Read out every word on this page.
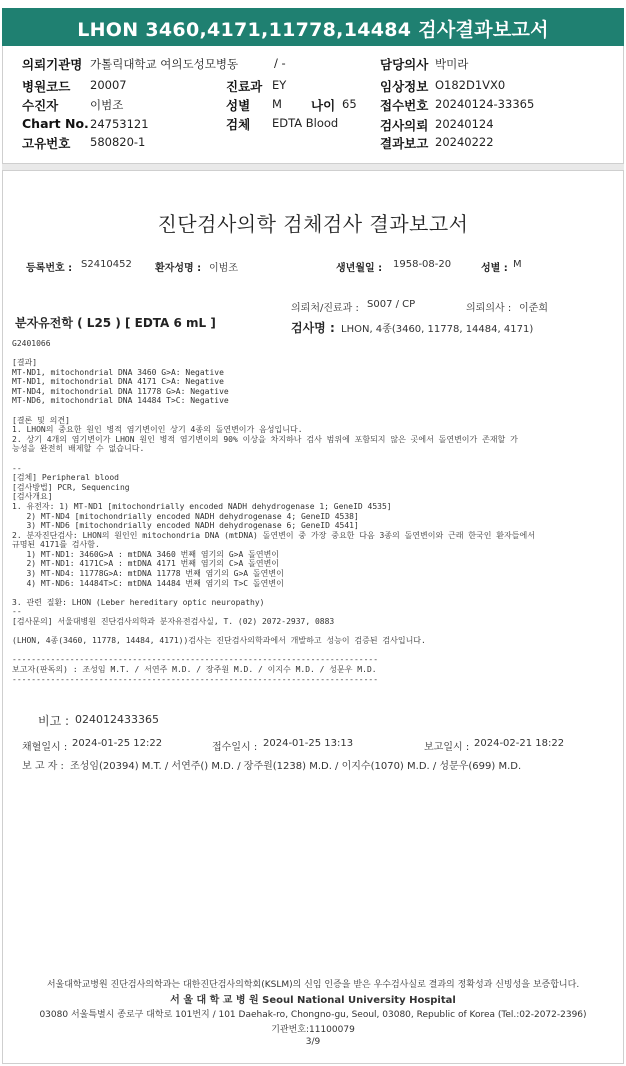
LHON 3460,4171,11778,14484 검사결과보고서
의뢰기관명 가톨릭대학교 여의도성모병동	/ -
병원코드 20007
수진자	이범조
Chart No. 24753121
고유번호 580820-1
진료과 EY
성별 M 나이 65
검체 EDTA Blood
담당의사 박미라
임상정보 O182D1VX0
접수번호 20240124-33365
검사의뢰 20240124
결과보고 20240222
진단검사의학 검체검사 결과보고서
등록번호 : S2410452 환자성명 : 이범조	생년월일 : 1958-08-20	성별 : M
의뢰처/진료과 : S007 / CP	의뢰의사 : 이준희
분자유전학 ( L25 ) [ EDTA 6 mL ]	검사명 : LHON, 4종(3460, 11778, 14484, 4171)
G2401066
[결과]
MT-ND1, mitochondrial DNA 3460 G>A: Negative
MT-ND1, mitochondrial DNA 4171 C>A: Negative
MT-ND4, mitochondrial DNA 11778 G>A: Negative
MT-ND6, mitochondrial DNA 14484 T>C: Negative
[결론 및 의견]
1. LHON의 중요한 원인 병적 염기변이인 상기 4종의 돌연변이가 음성입니다.
2. 상기 4개의 염기변이가 LHON 원인 병적 염기변이의 90% 이상을 차지하나 검사 범위에 포함되지 않은 곳에서 돌연변이가 존재할 가
능성을 완전히 배제할 수 없습니다.
--
[검체] Peripheral blood
[검사방법] PCR, Sequencing
[검사개요]
1. 유전자: 1) MT-ND1 [mitochondrially encoded NADH dehydrogenase 1; GeneID 4535]
2) MT-ND4 [mitochondrially encoded NADH dehydrogenase 4; GeneID 4538]
3) MT-ND6 [mitochondrially encoded NADH dehydrogenase 6; GeneID 4541]
2. 분자진단검사: LHON의 원인인 mitochondria DNA (mtDNA) 돌연변이 중 가장 중요한 다음 3종의 돌연변이와 근래 한국인 환자들에서
규명된 4171를 검사함.
1) MT-ND1: 3460G>A : mtDNA 3460 번째 염기의 G>A 돌연변이
2) MT-ND1: 4171C>A : mtDNA 4171 번째 염기의 C>A 돌연변이
3) MT-ND4: 11778G>A: mtDNA 11778 번째 염기의 G>A 돌연변이
4) MT-ND6: 14484T>C: mtDNA 14484 번째 염기의 T>C 돌연변이
3. 관련 질환: LHON (Leber hereditary optic neuropathy)
--
[검사문의] 서울대병원 진단검사의학과 분자유전검사실, T. (02) 2072-2937, 0883
(LHON, 4종(3460, 11778, 14484, 4171))검사는 진단검사의학과에서 개발하고 성능이 검증된 검사입니다.
----------------------------------------------------------------------------
보고자(판독의) : 조성임 M.T. / 서연주 M.D. / 장주원 M.D. / 이지수 M.D. / 성문우 M.D.
----------------------------------------------------------------------------
비고 : 024012433365
채혈일시 : 2024-01-25 12:22	접수일시 : 2024-01-25 13:13	보고일시 : 2024-02-21 18:22
보 고 자 : 조성임(20394) M.T. / 서연주() M.D. / 장주원(1238) M.D. / 이지수(1070) M.D. / 성문우(699) M.D.
서울대학교병원 진단검사의학과는 대한진단검사의학회(KSLM)의 신임 인증을 받은 우수검사실로 결과의 정확성과 신빙성을 보증합니다.
서 울 대 학 교 병 원 Seoul National University Hospital
03080 서울특별시 종로구 대학로 101번지 / 101 Daehak-ro, Chongno-gu, Seoul, 03080, Republic of Korea (Tel.:02-2072-2396)
기관번호:11100079
3/9
